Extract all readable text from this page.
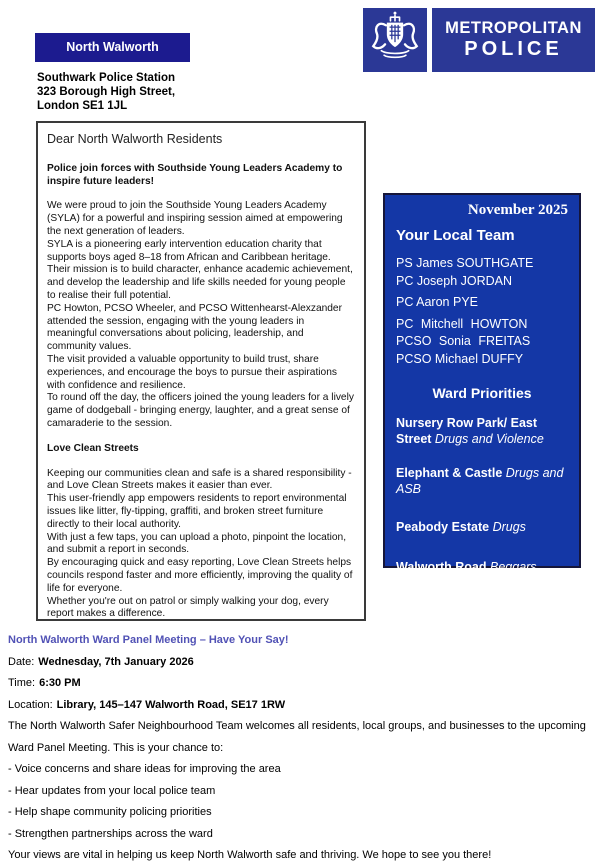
North Walworth
METROPOLITAN
POLICE
Southwark Police Station
323 Borough High Street,
London SE1 1JL
Dear North Walworth Residents
Police join forces with Southside Young Leaders Academy to inspire future leaders!

We were proud to join the Southside Young Leaders Academy (SYLA) for a powerful and inspiring session aimed at empowering the next generation of leaders.

SYLA is a pioneering early intervention education charity that supports boys aged 8–18 from African and Caribbean heritage. Their mission is to build character, enhance academic achievement, and develop the leadership and life skills needed for young people to realise their full potential.

PC Howton, PCSO Wheeler, and PCSO Wittenhearst-Alexzander attended the session, engaging with the young leaders in meaningful conversations about policing, leadership, and community values.

The visit provided a valuable opportunity to build trust, share experiences, and encourage the boys to pursue their aspirations with confidence and resilience.

To round off the day, the officers joined the young leaders for a lively game of dodgeball - bringing energy, laughter, and a great sense of camaraderie to the session.

Love Clean Streets

Keeping our communities clean and safe is a shared responsibility - and Love Clean Streets makes it easier than ever.

This user-friendly app empowers residents to report environmental issues like litter, fly-tipping, graffiti, and broken street furniture directly to their local authority.

With just a few taps, you can upload a photo, pinpoint the location, and submit a report in seconds.

By encouraging quick and easy reporting, Love Clean Streets helps councils respond faster and more efficiently, improving the quality of life for everyone.

Whether you're out on patrol or simply walking your dog, every report makes a difference.

November 2025
Your Local Team
PS James SOUTHGATE
PC Joseph JORDAN
PC Aaron PYE
PC Mitchell HOWTON
PCSO Sonia FREITAS
PCSO Michael DUFFY
Ward Priorities
Nursery Row Park/ East Street Drugs and Violence
Elephant & Castle Drugs and ASB
Peabody Estate Drugs
Walworth Road Beggars

North Walworth Ward Panel Meeting – Have Your Say!

Date: Wednesday, 7th January 2026

Time: 6:30 PM

Location: Library, 145–147 Walworth Road, SE17 1RW

The North Walworth Safer Neighbourhood Team welcomes all residents, local groups, and businesses to the upcoming Ward Panel Meeting. This is your chance to:

- Voice concerns and share ideas for improving the area

- Hear updates from your local police team

- Help shape community policing priorities

- Strengthen partnerships across the ward

Your views are vital in helping us keep North Walworth safe and thriving. We hope to see you there!
